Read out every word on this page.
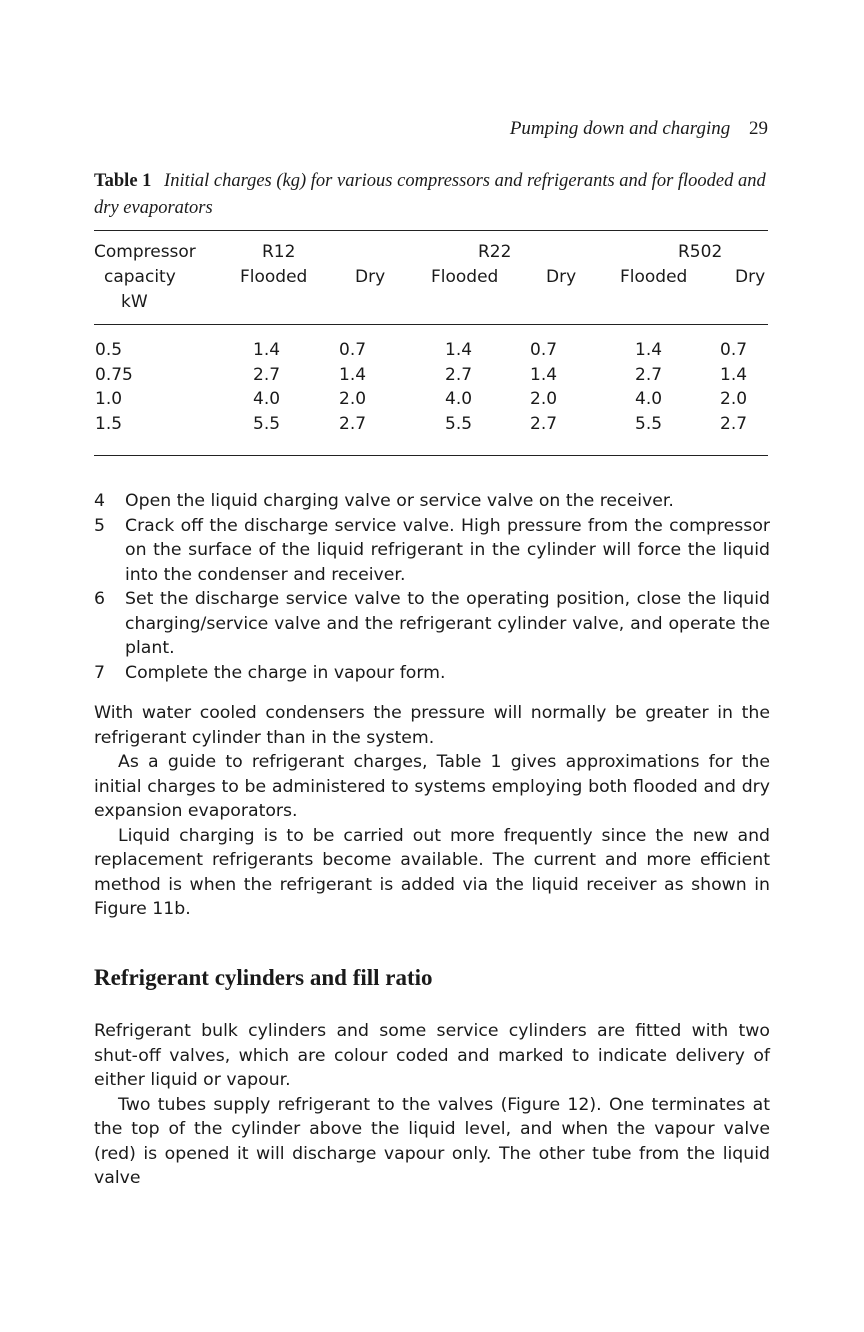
Pumping down and charging 29
Table 1 Initial charges (kg) for various compressors and refrigerants and for flooded and dry evaporators
Compressor
capacity
kW
R12	R22	R502
Flooded	Dry	Flooded	Dry	Flooded	Dry
0.5	1.4	0.7	1.4	0.7	1.4	0.7
0.75	2.7	1.4	2.7	1.4	2.7	1.4
1.0	4.0	2.0	4.0	2.0	4.0	2.0
1.5	5.5	2.7	5.5	2.7	5.5	2.7
4	Open the liquid charging valve or service valve on the receiver.
5	Crack off the discharge service valve. High pressure from the compressor on the surface of the liquid refrigerant in the cylinder will force the liquid into the condenser and receiver.
6	Set the discharge service valve to the operating position, close the liquid charging/service valve and the refrigerant cylinder valve, and operate the plant.
7	Complete the charge in vapour form.

With water cooled condensers the pressure will normally be greater in the refrigerant cylinder than in the system.

As a guide to refrigerant charges, Table 1 gives approximations for the initial charges to be administered to systems employing both flooded and dry expansion evaporators.

Liquid charging is to be carried out more frequently since the new and replacement refrigerants become available. The current and more efficient method is when the refrigerant is added via the liquid receiver as shown in Figure 11b.

Refrigerant cylinders and fill ratio

Refrigerant bulk cylinders and some service cylinders are fitted with two shut-off valves, which are colour coded and marked to indicate delivery of either liquid or vapour.

Two tubes supply refrigerant to the valves (Figure 12). One terminates at the top of the cylinder above the liquid level, and when the vapour valve (red) is opened it will discharge vapour only. The other tube from the liquid valve
